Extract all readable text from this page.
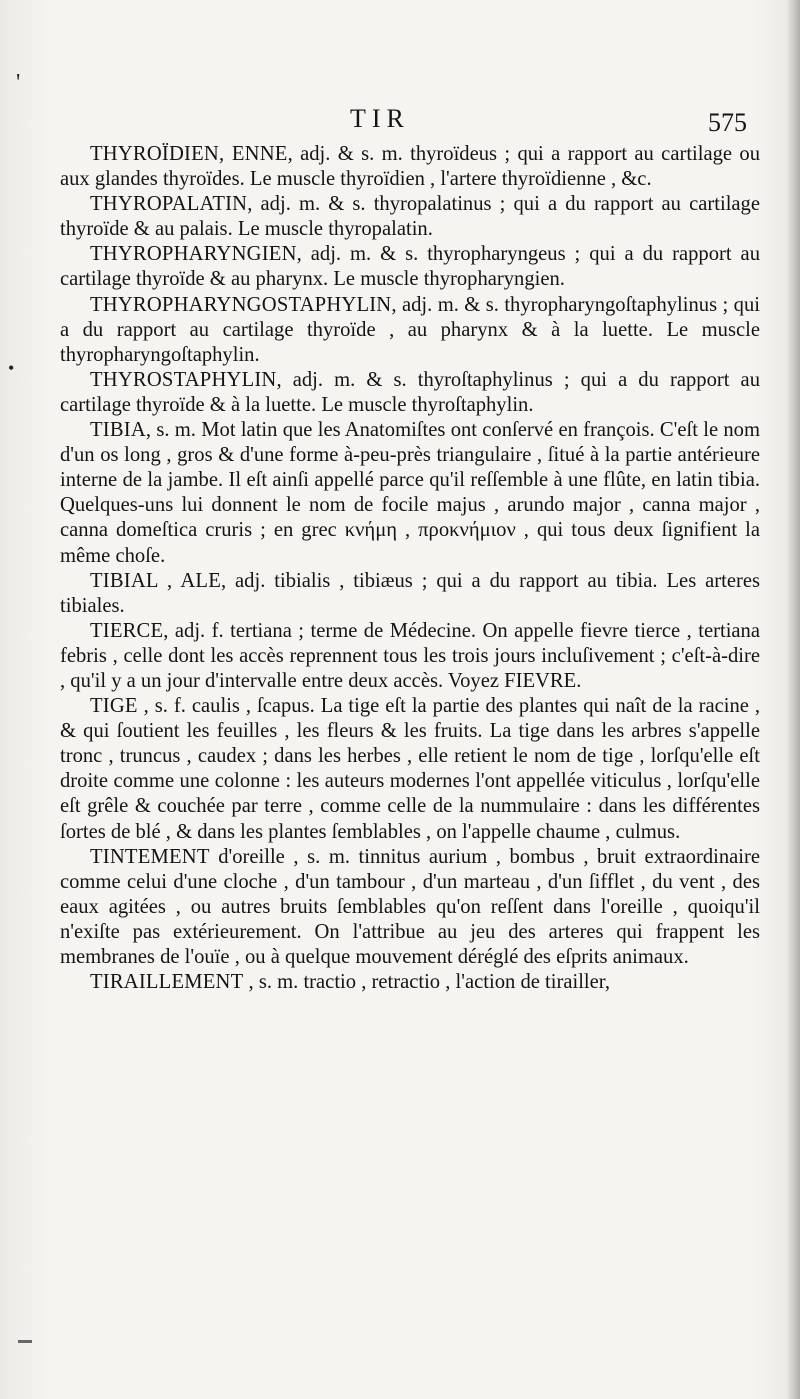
'
•
TIR	575

THYROÏDIEN, ENNE, adj. & s. m. thyroïdeus ; qui a rapport au cartilage ou aux glandes thyroïdes. Le muscle thyroïdien , l'artere thyroïdienne , &c.

THYROPALATIN, adj. m. & s. thyropalatinus ; qui a du rapport au cartilage thyroïde & au palais. Le muscle thyropalatin.

THYROPHARYNGIEN, adj. m. & s. thyropharyngeus ; qui a du rapport au cartilage thyroïde & au pharynx. Le muscle thyropharyngien.

THYROPHARYNGOSTAPHYLIN, adj. m. & s. thyropharyngoſtaphylinus ; qui a du rapport au cartilage thyroïde , au pharynx & à la luette. Le muscle thyropharyngoſtaphylin.

THYROSTAPHYLIN, adj. m. & s. thyroſtaphylinus ; qui a du rapport au cartilage thyroïde & à la luette. Le muscle thyroſtaphylin.

TIBIA, s. m. Mot latin que les Anatomiſtes ont conſervé en françois. C'eſt le nom d'un os long , gros & d'une forme à-peu-près triangulaire , ſitué à la partie antérieure interne de la jambe. Il eſt ainſi appellé parce qu'il reſſemble à une flûte, en latin tibia. Quelques-uns lui donnent le nom de focile majus , arundo major , canna major , canna domeſtica cruris ; en grec κνήμη , προκνήμιον , qui tous deux ſignifient la même choſe.

TIBIAL , ALE, adj. tibialis , tibiæus ; qui a du rapport au tibia. Les arteres tibiales.

TIERCE, adj. f. tertiana ; terme de Médecine. On appelle fievre tierce , tertiana febris , celle dont les accès reprennent tous les trois jours incluſivement ; c'eſt-à-dire , qu'il y a un jour d'intervalle entre deux accès. Voyez FIEVRE.

TIGE , s. f. caulis , ſcapus. La tige eſt la partie des plantes qui naît de la racine , & qui ſoutient les feuilles , les fleurs & les fruits. La tige dans les arbres s'appelle tronc , truncus , caudex ; dans les herbes , elle retient le nom de tige , lorſqu'elle eſt droite comme une colonne : les auteurs modernes l'ont appellée viticulus , lorſqu'elle eſt grêle & couchée par terre , comme celle de la nummulaire : dans les différentes ſortes de blé , & dans les plantes ſemblables , on l'appelle chaume , culmus.

TINTEMENT d'oreille , s. m. tinnitus aurium , bombus , bruit extraordinaire comme celui d'une cloche , d'un tambour , d'un marteau , d'un ſifflet , du vent , des eaux agitées , ou autres bruits ſemblables qu'on reſſent dans l'oreille , quoiqu'il n'exiſte pas extérieurement. On l'attribue au jeu des arteres qui frappent les membranes de l'ouïe , ou à quelque mouvement déréglé des eſprits animaux.

TIRAILLEMENT , s. m. tractio , retractio , l'action de tirailler,
